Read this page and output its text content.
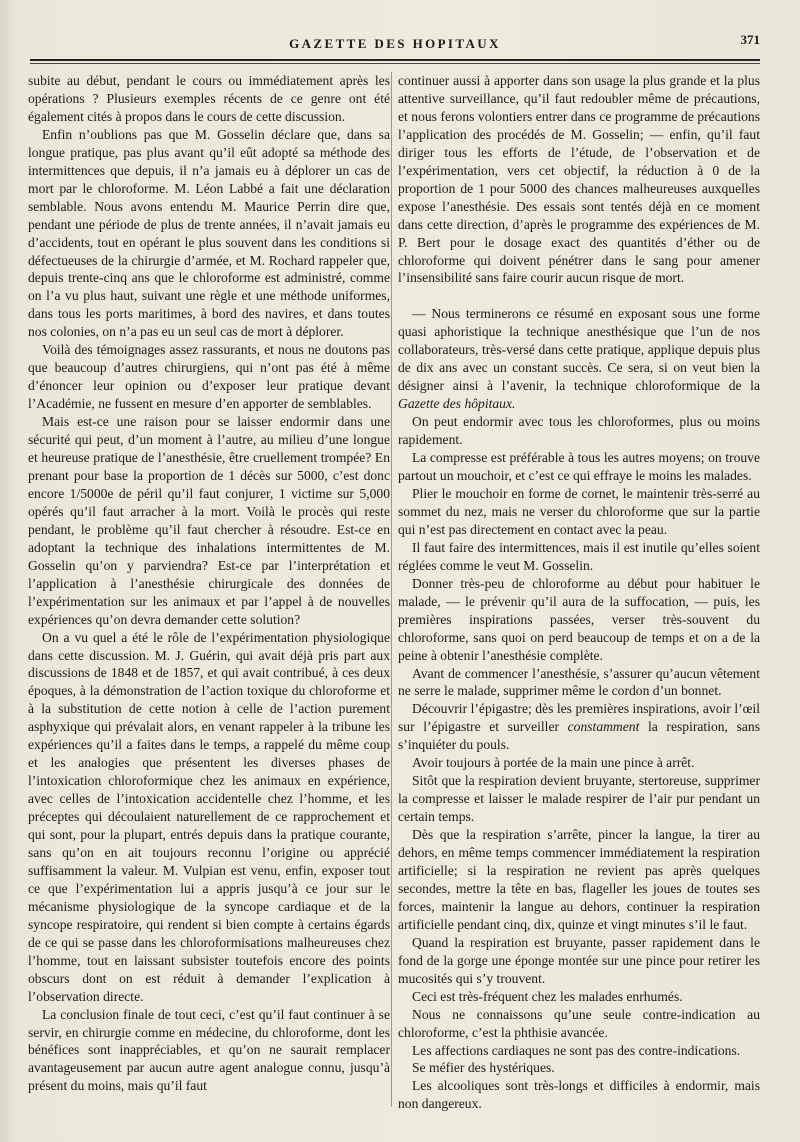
GAZETTE DES HOPITAUX	371

subite au début, pendant le cours ou immédiatement après les opérations ? Plusieurs exemples récents de ce genre ont été également cités à propos dans le cours de cette discussion.

Enfin n’oublions pas que M. Gosselin déclare que, dans sa longue pratique, pas plus avant qu’il eût adopté sa méthode des intermittences que depuis, il n’a jamais eu à déplorer un cas de mort par le chloroforme. M. Léon Labbé a fait une déclaration semblable. Nous avons entendu M. Maurice Perrin dire que, pendant une période de plus de trente années, il n’avait jamais eu d’accidents, tout en opérant le plus souvent dans les conditions si défectueuses de la chirurgie d’armée, et M. Rochard rappeler que, depuis trente-cinq ans que le chloroforme est administré, comme on l’a vu plus haut, suivant une règle et une méthode uniformes, dans tous les ports maritimes, à bord des navires, et dans toutes nos colonies, on n’a pas eu un seul cas de mort à déplorer.

Voilà des témoignages assez rassurants, et nous ne doutons pas que beaucoup d’autres chirurgiens, qui n’ont pas été à même d’énoncer leur opinion ou d’exposer leur pratique devant l’Académie, ne fussent en mesure d’en apporter de semblables.

Mais est-ce une raison pour se laisser endormir dans une sécurité qui peut, d’un moment à l’autre, au milieu d’une longue et heureuse pratique de l’anesthésie, être cruellement trompée? En prenant pour base la proportion de 1 décès sur 5000, c’est donc encore 1/5000e de péril qu’il faut conjurer, 1 victime sur 5,000 opérés qu’il faut arracher à la mort. Voilà le procès qui reste pendant, le problème qu’il faut chercher à résoudre. Est-ce en adoptant la technique des inhalations intermittentes de M. Gosselin qu’on y parviendra? Est-ce par l’interprétation et l’application à l’anesthésie chirurgicale des données de l’expérimentation sur les animaux et par l’appel à de nouvelles expériences qu’on devra demander cette solution?

On a vu quel a été le rôle de l’expérimentation physiologique dans cette discussion. M. J. Guérin, qui avait déjà pris part aux discussions de 1848 et de 1857, et qui avait contribué, à ces deux époques, à la démonstration de l’action toxique du chloroforme et à la substitution de cette notion à celle de l’action purement asphyxique qui prévalait alors, en venant rappeler à la tribune les expériences qu’il a faites dans le temps, a rappelé du même coup et les analogies que présentent les diverses phases de l’intoxication chloroformique chez les animaux en expérience, avec celles de l’intoxication accidentelle chez l’homme, et les préceptes qui découlaient naturellement de ce rapprochement et qui sont, pour la plupart, entrés depuis dans la pratique courante, sans qu’on en ait toujours reconnu l’origine ou apprécié suffisamment la valeur. M. Vulpian est venu, enfin, exposer tout ce que l’expérimentation lui a appris jusqu’à ce jour sur le mécanisme physiologique de la syncope cardiaque et de la syncope respiratoire, qui rendent si bien compte à certains égards de ce qui se passe dans les chloroformisations malheureuses chez l’homme, tout en laissant subsister toutefois encore des points obscurs dont on est réduit à demander l’explication à l’observation directe.

La conclusion finale de tout ceci, c’est qu’il faut continuer à se servir, en chirurgie comme en médecine, du chloroforme, dont les bénéfices sont inappréciables, et qu’on ne saurait remplacer avantageusement par aucun autre agent analogue connu, jusqu’à présent du moins, mais qu’il faut

continuer aussi à apporter dans son usage la plus grande et la plus attentive surveillance, qu’il faut redoubler même de précautions, et nous ferons volontiers entrer dans ce programme de précautions l’application des procédés de M. Gosselin; — enfin, qu’il faut diriger tous les efforts de l’étude, de l’observation et de l’expérimentation, vers cet objectif, la réduction à 0 de la proportion de 1 pour 5000 des chances malheureuses auxquelles expose l’anesthésie. Des essais sont tentés déjà en ce moment dans cette direction, d’après le programme des expériences de M. P. Bert pour le dosage exact des quantités d’éther ou de chloroforme qui doivent pénétrer dans le sang pour amener l’insensibilité sans faire courir aucun risque de mort.

— Nous terminerons ce résumé en exposant sous une forme quasi aphoristique la technique anesthésique que l’un de nos collaborateurs, très-versé dans cette pratique, applique depuis plus de dix ans avec un constant succès. Ce sera, si on veut bien la désigner ainsi à l’avenir, la technique chloroformique de la Gazette des hôpitaux.

On peut endormir avec tous les chloroformes, plus ou moins rapidement.

La compresse est préférable à tous les autres moyens; on trouve partout un mouchoir, et c’est ce qui effraye le moins les malades.

Plier le mouchoir en forme de cornet, le maintenir très-serré au sommet du nez, mais ne verser du chloroforme que sur la partie qui n’est pas directement en contact avec la peau.

Il faut faire des intermittences, mais il est inutile qu’elles soient réglées comme le veut M. Gosselin.

Donner très-peu de chloroforme au début pour habituer le malade, — le prévenir qu’il aura de la suffocation, — puis, les premières inspirations passées, verser très-souvent du chloroforme, sans quoi on perd beaucoup de temps et on a de la peine à obtenir l’anesthésie complète.

Avant de commencer l’anesthésie, s’assurer qu’aucun vêtement ne serre le malade, supprimer même le cordon d’un bonnet.

Découvrir l’épigastre; dès les premières inspirations, avoir l’œil sur l’épigastre et surveiller constamment la respiration, sans s’inquiéter du pouls.

Avoir toujours à portée de la main une pince à arrêt.

Sitôt que la respiration devient bruyante, stertoreuse, supprimer la compresse et laisser le malade respirer de l’air pur pendant un certain temps.

Dès que la respiration s’arrête, pincer la langue, la tirer au dehors, en même temps commencer immédiatement la respiration artificielle; si la respiration ne revient pas après quelques secondes, mettre la tête en bas, flageller les joues de toutes ses forces, maintenir la langue au dehors, continuer la respiration artificielle pendant cinq, dix, quinze et vingt minutes s’il le faut.

Quand la respiration est bruyante, passer rapidement dans le fond de la gorge une éponge montée sur une pince pour retirer les mucosités qui s’y trouvent.

Ceci est très-fréquent chez les malades enrhumés.

Nous ne connaissons qu’une seule contre-indication au chloroforme, c’est la phthisie avancée.

Les affections cardiaques ne sont pas des contre-indications.

Se méfier des hystériques.

Les alcooliques sont très-longs et difficiles à endormir, mais non dangereux.
